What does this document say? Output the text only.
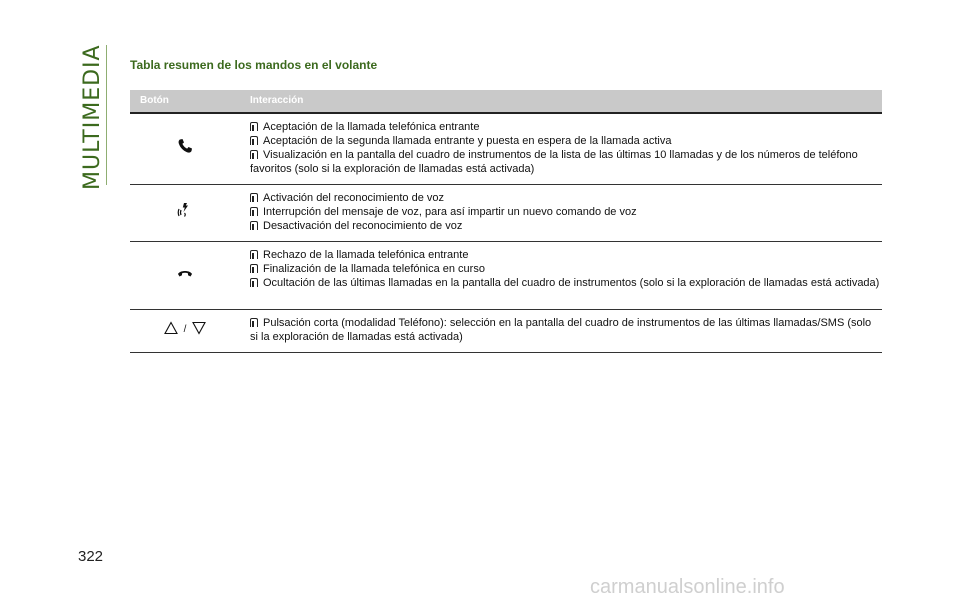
MULTIMEDIA Tabla resumen de los mandos en el volante
Botón	Interacción

Aceptación de la llamada telefónica entrante
Aceptación de la segunda llamada entrante y puesta en espera de la llamada activa
Visualización en la pantalla del cuadro de instrumentos de la lista de las últimas 10 llamadas y de los números de teléfono favoritos (solo si la exploración de llamadas está activada)

Activación del reconocimiento de voz
Interrupción del mensaje de voz, para así impartir un nuevo comando de voz
Desactivación del reconocimiento de voz

Rechazo de la llamada telefónica entrante
Finalización de la llamada telefónica en curso
Ocultación de las últimas llamadas en la pantalla del cuadro de instrumentos (solo si la exploración de llamadas está activada)

/	Pulsación corta (modalidad Teléfono): selección en la pantalla del cuadro de instrumentos de las últimas llamadas/SMS (solo si la exploración de llamadas está activada)
322
carmanualsonline.info
